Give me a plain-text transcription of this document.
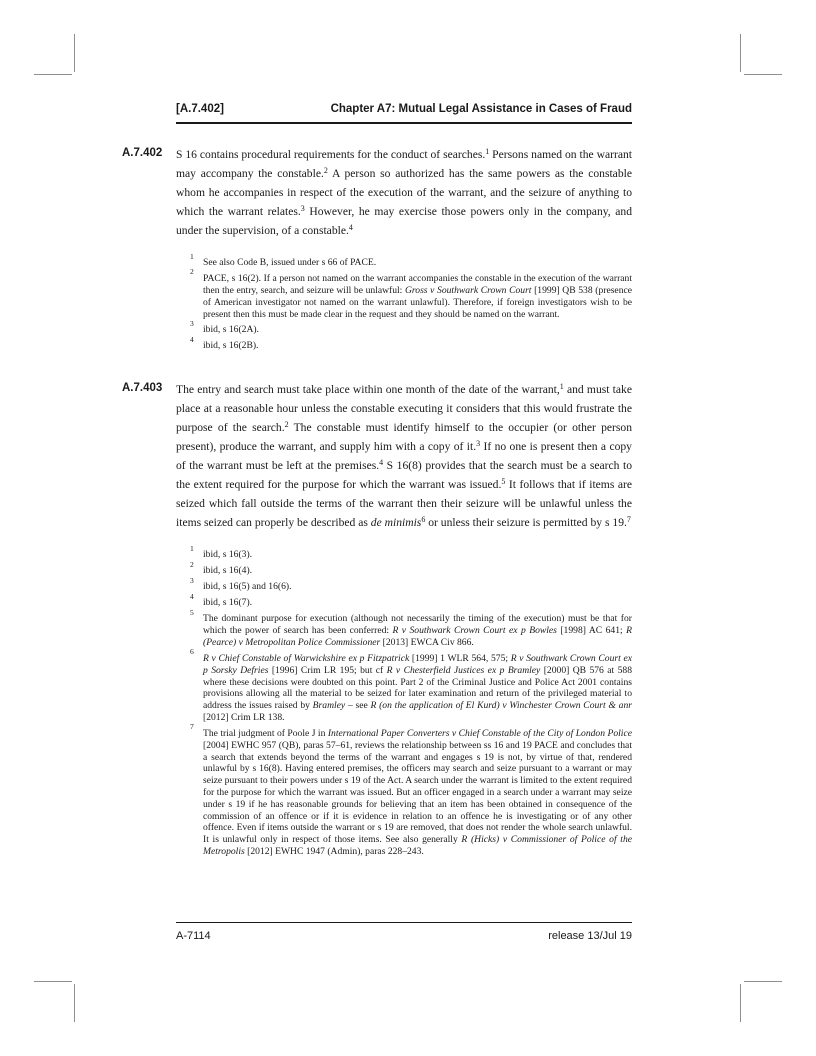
[A.7.402]	Chapter A7: Mutual Legal Assistance in Cases of Fraud
A.7.402 S 16 contains procedural requirements for the conduct of searches.$^1$ Persons named on the warrant may accompany the constable.$^2$ A person so authorized has the same powers as the constable whom he accompanies in respect of the execution of the warrant, and the seizure of anything to which the warrant relates.$^3$ However, he may exercise those powers only in the company, and under the supervision, of a constable.$^4$

$^1$See also Code B, issued under s 66 of PACE.
$^2$PACE, s 16(2). If a person not named on the warrant accompanies the constable in the execution of the warrant then the entry, search, and seizure will be unlawful: Gross v Southwark Crown Court [1999] QB 538 (presence of American investigator not named on the warrant unlawful). Therefore, if foreign investigators wish to be present then this must be made clear in the request and they should be named on the warrant.
$^3$ibid, s 16(2A).
$^4$ibid, s 16(2B).
A.7.403 The entry and search must take place within one month of the date of the warrant,$^1$ and must take place at a reasonable hour unless the constable executing it considers that this would frustrate the purpose of the search.$^2$ The constable must identify himself to the occupier (or other person present), produce the warrant, and supply him with a copy of it.$^3$ If no one is present then a copy of the warrant must be left at the premises.$^4$ S 16(8) provides that the search must be a search to the extent required for the purpose for which the warrant was issued.$^5$ It follows that if items are seized which fall outside the terms of the warrant then their seizure will be unlawful unless the items seized can properly be described as de minimis$^6$ or unless their seizure is permitted by s 19.$^7$

$^1$ibid, s 16(3).
$^2$ibid, s 16(4).
$^3$ibid, s 16(5) and 16(6).
$^4$ibid, s 16(7).
$^5$The dominant purpose for execution (although not necessarily the timing of the execution) must be that for which the power of search has been conferred: R v Southwark Crown Court ex p Bowles [1998] AC 641; R (Pearce) v Metropolitan Police Commissioner [2013] EWCA Civ 866.
$^6$R v Chief Constable of Warwickshire ex p Fitzpatrick [1999] 1 WLR 564, 575; R v Southwark Crown Court ex p Sorsky Defries [1996] Crim LR 195; but cf R v Chesterfield Justices ex p Bramley [2000] QB 576 at 588 where these decisions were doubted on this point. Part 2 of the Criminal Justice and Police Act 2001 contains provisions allowing all the material to be seized for later examination and return of the privileged material to address the issues raised by Bramley – see R (on the application of El Kurd) v Winchester Crown Court & anr [2012] Crim LR 138.
$^7$The trial judgment of Poole J in International Paper Converters v Chief Constable of the City of London Police [2004] EWHC 957 (QB), paras 57–61, reviews the relationship between ss 16 and 19 PACE and concludes that a search that extends beyond the terms of the warrant and engages s 19 is not, by virtue of that, rendered unlawful by s 16(8). Having entered premises, the officers may search and seize pursuant to a warrant or may seize pursuant to their powers under s 19 of the Act. A search under the warrant is limited to the extent required for the purpose for which the warrant was issued. But an officer engaged in a search under a warrant may seize under s 19 if he has reasonable grounds for believing that an item has been obtained in consequence of the commission of an offence or if it is evidence in relation to an offence he is investigating or of any other offence. Even if items outside the warrant or s 19 are removed, that does not render the whole search unlawful. It is unlawful only in respect of those items. See also generally R (Hicks) v Commissioner of Police of the Metropolis [2012] EWHC 1947 (Admin), paras 228–243.
A-7114	release 13/Jul 19
